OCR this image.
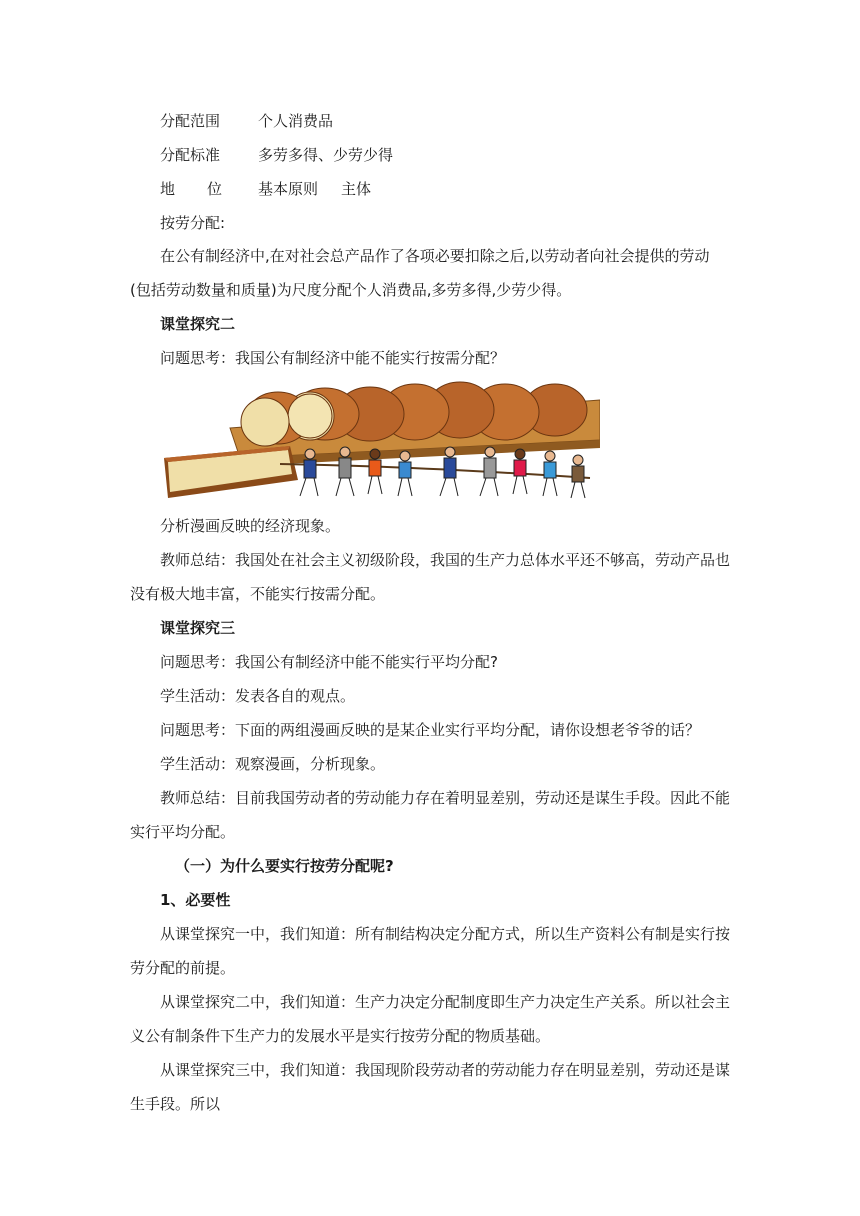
分配范围	个人消费品
分配标准	多劳多得、少劳少得
地位 基本原则 主体
按劳分配:
在公有制经济中,在对社会总产品作了各项必要扣除之后,以劳动者向社会提供的劳动
(包括劳动数量和质量)为尺度分配个人消费品,多劳多得,少劳少得。
课堂探究二
问题思考：我国公有制经济中能不能实行按需分配？
分析漫画反映的经济现象。
教师总结：我国处在社会主义初级阶段，我国的生产力总体水平还不够高，劳动产品也
没有极大地丰富，不能实行按需分配。
课堂探究三
问题思考：我国公有制经济中能不能实行平均分配?
学生活动：发表各自的观点。
问题思考：下面的两组漫画反映的是某企业实行平均分配，请你设想老爷爷的话？
学生活动：观察漫画，分析现象。
教师总结：目前我国劳动者的劳动能力存在着明显差别，劳动还是谋生手段。因此不能
实行平均分配。
（一）为什么要实行按劳分配呢?
1、必要性
从课堂探究一中，我们知道：所有制结构决定分配方式，所以生产资料公有制是实行按
劳分配的前提。
从课堂探究二中，我们知道：生产力决定分配制度即生产力决定生产关系。所以社会主
义公有制条件下生产力的发展水平是实行按劳分配的物质基础。
从课堂探究三中，我们知道：我国现阶段劳动者的劳动能力存在明显差别，劳动还是谋
生手段。所以
